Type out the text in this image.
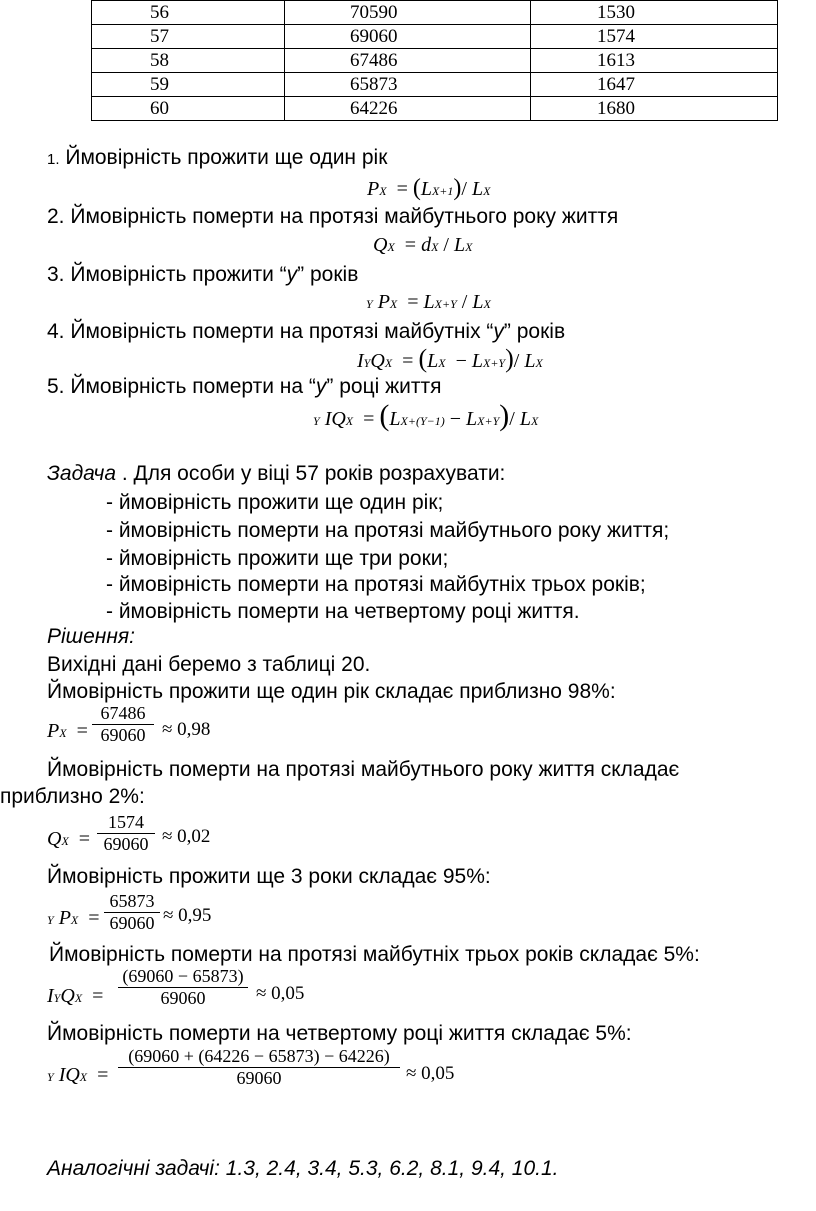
56	70590	1530
57	69060	1574
58	67486	1613
59	65873	1647
60	64226	1680
1. Ймовірність прожити ще один рік
PX  = (LX+1)/ LX
2. Ймовірність померти на протязі майбутнього року життя
QX  = dX / LX
3. Ймовірність прожити “y” років
Y PX  = LX+Y / LX
4. Ймовірність померти на протязі майбутніх “y” років
IYQX  = (LX  − LX+Y)/ LX
5. Ймовірність померти на “y” році життя
Y IQX  = (LX+(Y−1) − LX+Y)/ LX
Задача . Для особи у віці 57 років розрахувати:
- ймовірність прожити ще один рік;
- ймовірність померти на протязі майбутнього року життя;
- ймовірність прожити ще три роки;
- ймовірність померти на протязі майбутніх трьох років;
- ймовірність померти на четвертому році життя.
Рішення:
Вихідні дані беремо з таблиці 20.
Ймовірність прожити ще один рік складає приблизно 98%:
PX  =
67486
69060 ≈ 0,98
Ймовірність померти на протязі майбутнього року життя складає
приблизно 2%:
QX  =
1574
69060 ≈ 0,02
Ймовірність прожити ще 3 роки складає 95%:
Y PX  =
65873
69060 ≈ 0,95
Ймовірність померти на протязі майбутніх трьох років складає 5%:
IYQX  =
(69060 − 65873)
69060	≈ 0,05
Ймовірність померти на четвертому році життя складає 5%:
Y IQX  =
(69060 + (64226 − 65873) − 64226)
69060	≈ 0,05
Аналогічні задачі: 1.3, 2.4, 3.4, 5.3, 6.2, 8.1, 9.4, 10.1.
